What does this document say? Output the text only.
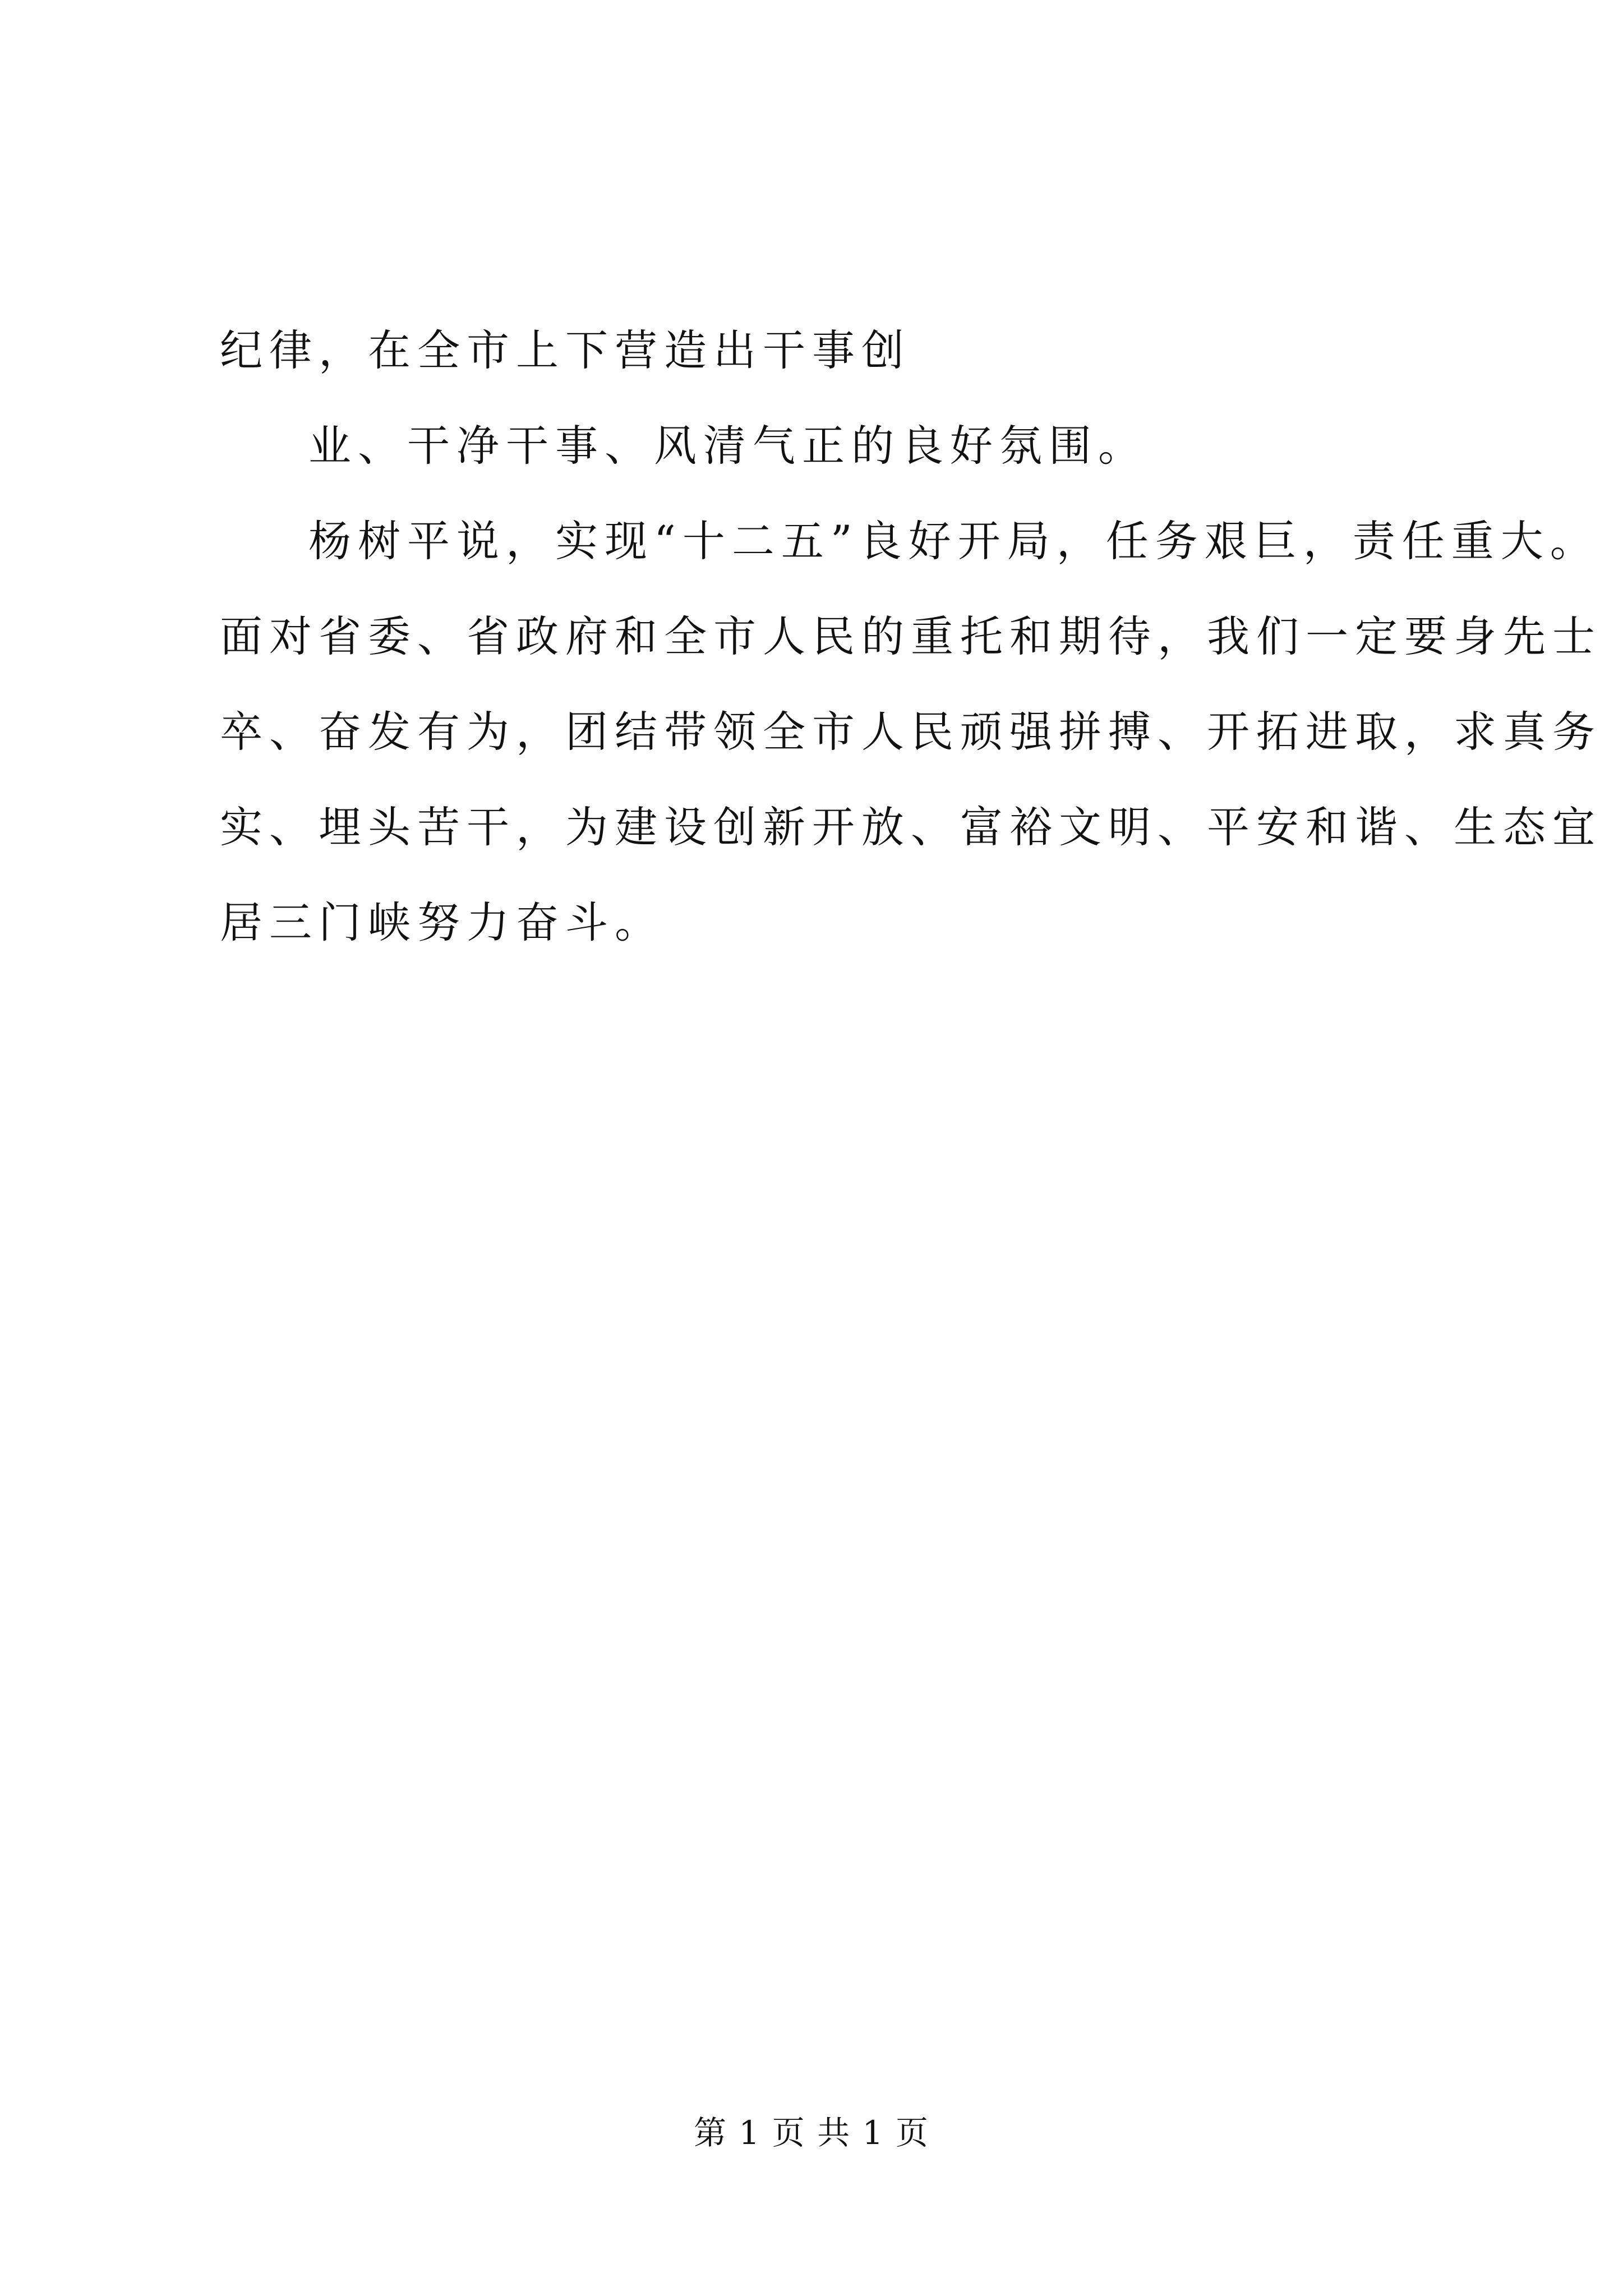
纪律，在全市上下营造出干事创

业、干净干事、风清气正的良好氛围。

杨树平说，实现“十二五”良好开局，任务艰巨，责任重大。

面对省委、省政府和全市人民的重托和期待，我们一定要身先士

卒、奋发有为，团结带领全市人民顽强拼搏、开拓进取，求真务

实、埋头苦干，为建设创新开放、富裕文明、平安和谐、生态宜

居三门峡努力奋斗。

第 1 页 共 1 页
